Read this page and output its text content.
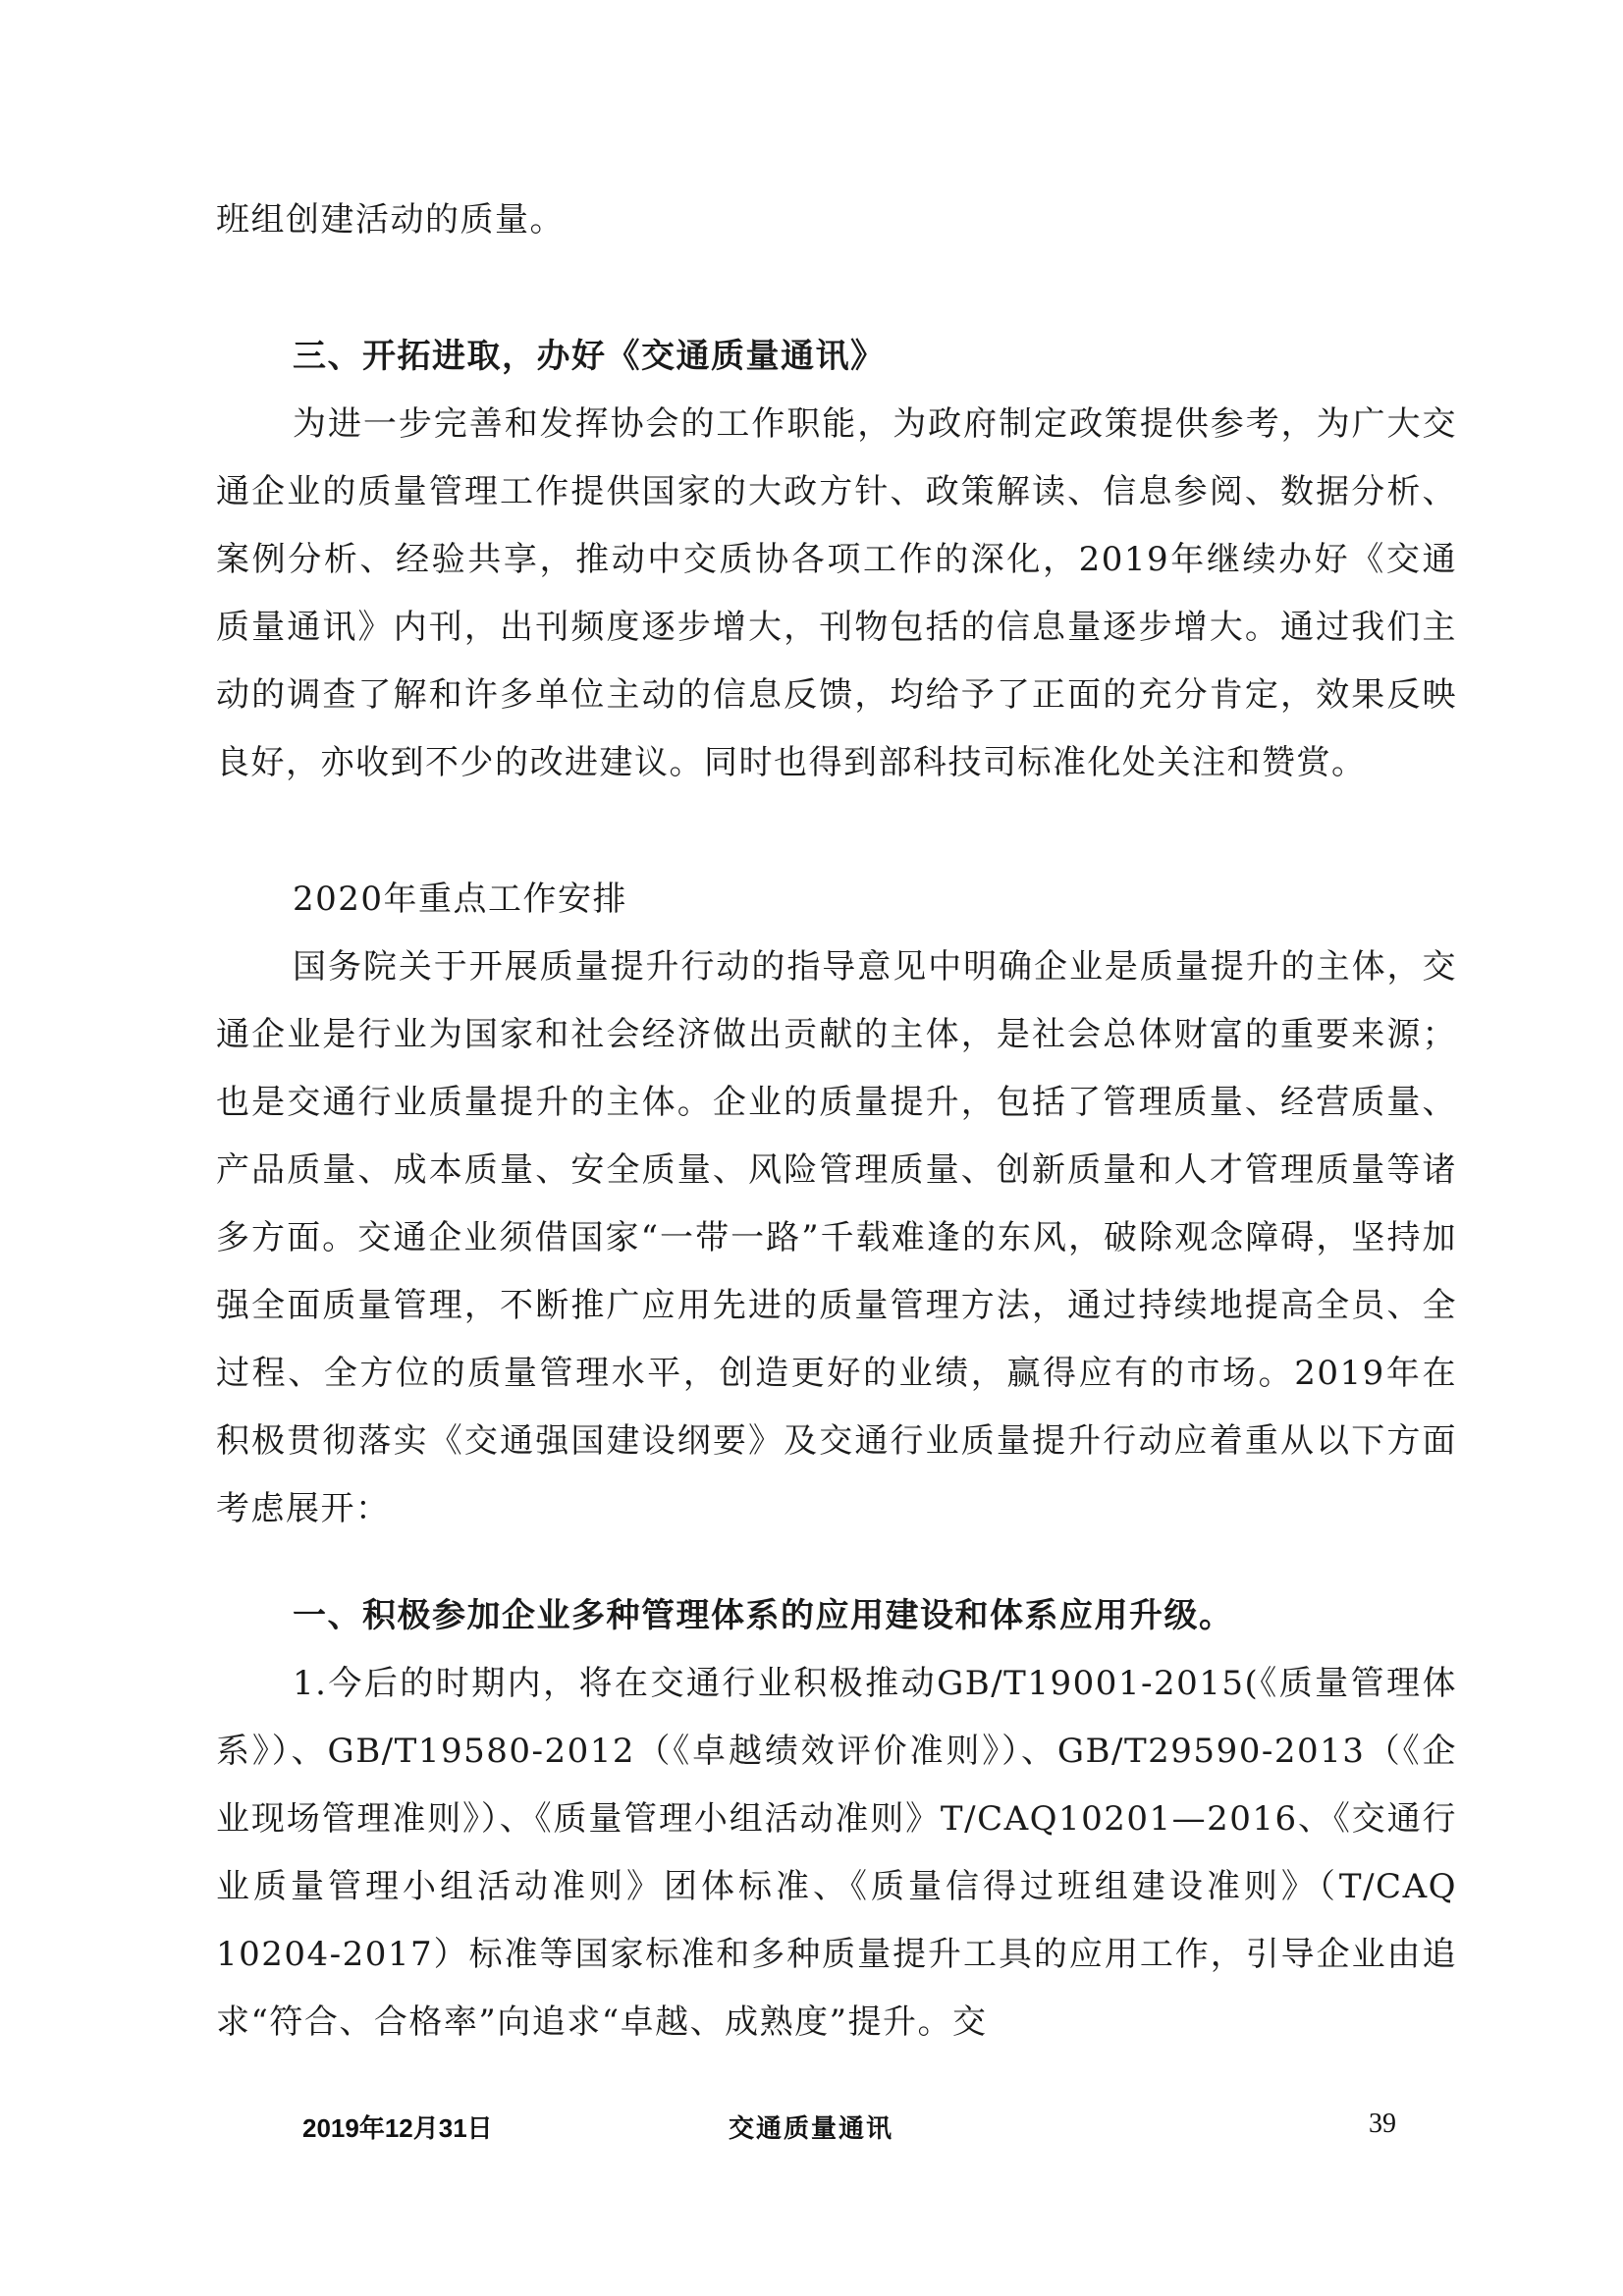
班组创建活动的质量。

三、开拓进取，办好《交通质量通讯》

为进一步完善和发挥协会的工作职能，为政府制定政策提供参考，为广大交通企业的质量管理工作提供国家的大政方针、政策解读、信息参阅、数据分析、案例分析、经验共享，推动中交质协各项工作的深化，2019年继续办好《交通质量通讯》内刊，出刊频度逐步增大，刊物包括的信息量逐步增大。通过我们主动的调查了解和许多单位主动的信息反馈，均给予了正面的充分肯定，效果反映良好，亦收到不少的改进建议。同时也得到部科技司标准化处关注和赞赏。

2020年重点工作安排

国务院关于开展质量提升行动的指导意见中明确企业是质量提升的主体，交通企业是行业为国家和社会经济做出贡献的主体，是社会总体财富的重要来源；也是交通行业质量提升的主体。企业的质量提升，包括了管理质量、经营质量、产品质量、成本质量、安全质量、风险管理质量、创新质量和人才管理质量等诸多方面。交通企业须借国家“一带一路”千载难逢的东风，破除观念障碍，坚持加强全面质量管理，不断推广应用先进的质量管理方法，通过持续地提高全员、全过程、全方位的质量管理水平，创造更好的业绩，赢得应有的市场。2019年在积极贯彻落实《交通强国建设纲要》及交通行业质量提升行动应着重从以下方面考虑展开：

一、积极参加企业多种管理体系的应用建设和体系应用升级。

1.今后的时期内，将在交通行业积极推动GB/T19001-2015(《质量管理体系》）、GB/T19580-2012（《卓越绩效评价准则》）、GB/T29590-2013（《企业现场管理准则》）、《质量管理小组活动准则》T/CAQ10201—2016、《交通行业质量管理小组活动准则》团体标准、《质量信得过班组建设准则》（T/CAQ 10204-2017）标准等国家标准和多种质量提升工具的应用工作，引导企业由追求“符合、合格率”向追求“卓越、成熟度”提升。交

2019年12月31日	交通质量通讯	39
